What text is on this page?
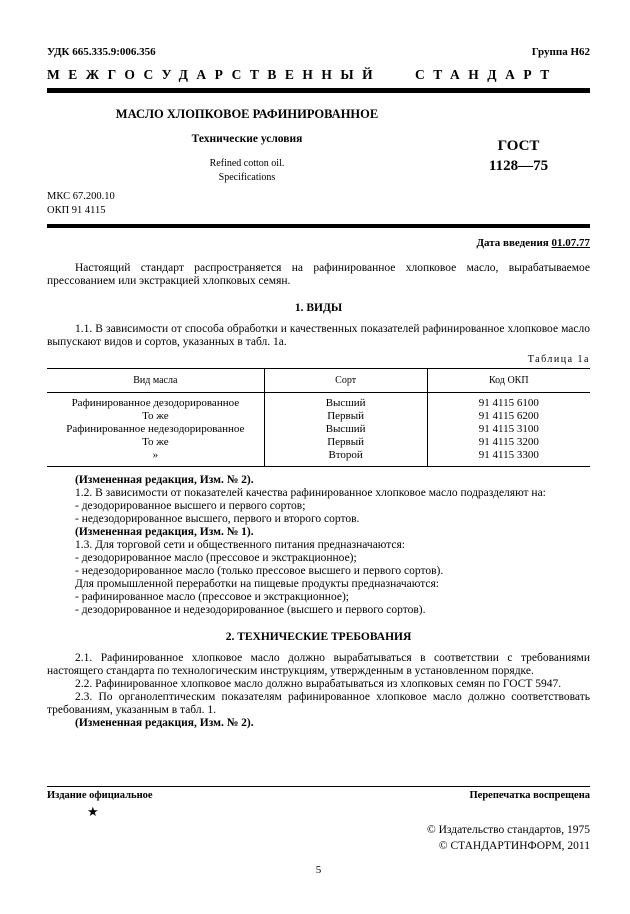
УДК 665.335.9:006.356	Группа Н62
МЕЖГОСУДАРСТВЕННЫЙ СТАНДАРТ
МАСЛО ХЛОПКОВОЕ РАФИНИРОВАННОЕ
Технические условия
Refined cotton oil.
Specifications
ГОСТ
1128—75
МКС 67.200.10
ОКП 91 4115
Дата введения 01.07.77

Настоящий стандарт распространяется на рафинированное хлопковое масло, вырабатываемое прессованием или экстракцией хлопковых семян.

1. ВИДЫ

1.1. В зависимости от способа обработки и качественных показателей рафинированное хлопковое масло выпускают видов и сортов, указанных в табл. 1а.

Таблица 1а
Вид масла	Сорт	Код ОКП
Рафинированное дезодорированное	Высший	91 4115 6100
То же	Первый	91 4115 6200
Рафинированное недезодорированное	Высший	91 4115 3100
То же	Первый	91 4115 3200
»	Второй	91 4115 3300

(Измененная редакция, Изм. № 2).

1.2. В зависимости от показателей качества рафинированное хлопковое масло подразделяют на:

- дезодорированное высшего и первого сортов;

- недезодорированное высшего, первого и второго сортов.

(Измененная редакция, Изм. № 1).

1.3. Для торговой сети и общественного питания предназначаются:

- дезодорированное масло (прессовое и экстракционное);

- недезодорированное масло (только прессовое высшего и первого сортов).

Для промышленной переработки на пищевые продукты предназначаются:

- рафинированное масло (прессовое и экстракционное);

- дезодорированное и недезодорированное (высшего и первого сортов).

2. ТЕХНИЧЕСКИЕ ТРЕБОВАНИЯ

2.1. Рафинированное хлопковое масло должно вырабатываться в соответствии с требованиями настоящего стандарта по технологическим инструкциям, утвержденным в установленном порядке.

2.2. Рафинированное хлопковое масло должно вырабатываться из хлопковых семян по ГОСТ 5947.

2.3. По органолептическим показателям рафинированное хлопковое масло должно соответствовать требованиям, указанным в табл. 1.

(Измененная редакция, Изм. № 2).

Издание официальное	Перепечатка воспрещена
★
© Издательство стандартов, 1975
© СТАНДАРТИНФОРМ, 2011
5
